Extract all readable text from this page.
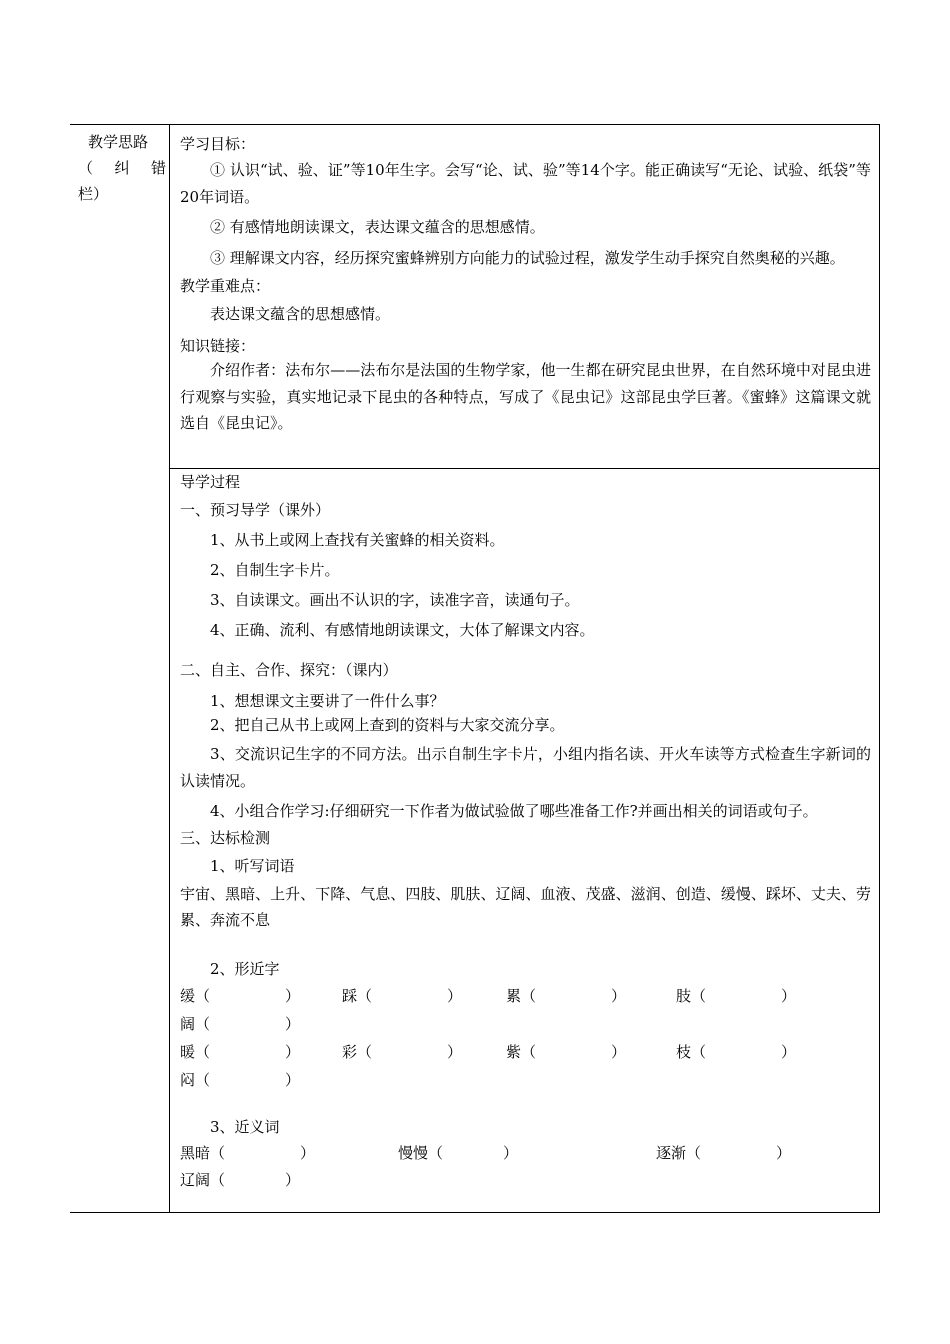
教学思路
（ 纠 错
栏）
学习目标：
① 认识“试、验、证”等10年生字。会写“论、试、验”等14个字。能正确读写“无论、试验、纸袋”等20年词语。
② 有感情地朗读课文，表达课文蕴含的思想感情。
③ 理解课文内容，经历探究蜜蜂辨别方向能力的试验过程，激发学生动手探究自然奥秘的兴趣。
教学重难点：
表达课文蕴含的思想感情。
知识链接：
介绍作者：法布尔——法布尔是法国的生物学家，他一生都在研究昆虫世界，在自然环境中对昆虫进行观察与实验，真实地记录下昆虫的各种特点，写成了《昆虫记》这部昆虫学巨著。《蜜蜂》这篇课文就选自《昆虫记》。
导学过程
一、预习导学（课外）
1、从书上或网上查找有关蜜蜂的相关资料。
2、自制生字卡片。
3、自读课文。画出不认识的字，读准字音，读通句子。
4、正确、流利、有感情地朗读课文，大体了解课文内容。
二、自主、合作、探究：（课内）
1、想想课文主要讲了一件什么事？
2、把自己从书上或网上查到的资料与大家交流分享。
3、交流识记生字的不同方法。出示自制生字卡片，小组内指名读、开火车读等方式检查生字新词的认读情况。
4、小组合作学习:仔细研究一下作者为做试验做了哪些准备工作?并画出相关的词语或句子。
三、达标检测
1、听写词语
宇宙、黑暗、上升、下降、气息、四肢、肌肤、辽阔、血液、茂盛、滋润、创造、缓慢、踩坏、丈夫、劳累、奔流不息
2、形近字
缓（　　　　　）	踩（　　　　　）	累（　　　　　）	肢（　　　　　）
阔（　　　　　）
暖（　　　　　）	彩（　　　　　）	紫（　　　　　）	枝（　　　　　）
闷（　　　　　）
3、近义词
黑暗（　　　　　）	慢慢（　　　　）	逐渐（　　　　　）
辽阔（　　　　）
